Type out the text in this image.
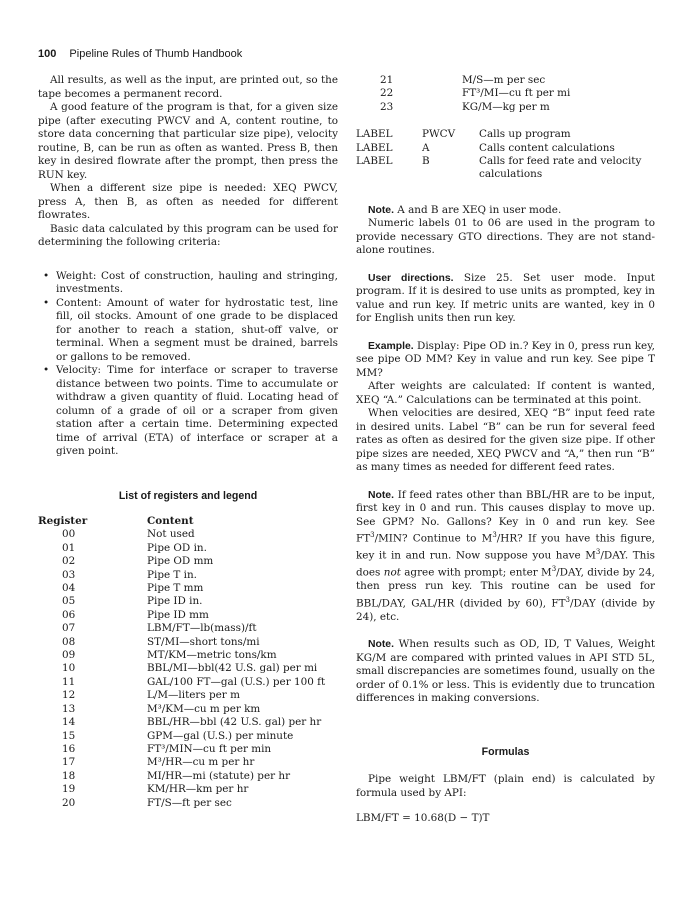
100 Pipeline Rules of Thumb Handbook

All results, as well as the input, are printed out, so the tape becomes a permanent record.

A good feature of the program is that, for a given size pipe (after executing PWCV and A, content routine, to store data concerning that particular size pipe), velocity routine, B, can be run as often as wanted. Press B, then key in desired flowrate after the prompt, then press the RUN key.

When a different size pipe is needed: XEQ PWCV, press A, then B, as often as needed for different flowrates.

Basic data calculated by this program can be used for determining the following criteria:

• Weight: Cost of construction, hauling and stringing, investments.
• Content: Amount of water for hydrostatic test, line fill, oil stocks. Amount of one grade to be displaced for another to reach a station, shut-off valve, or terminal. When a segment must be drained, barrels or gallons to be removed.
• Velocity: Time for interface or scraper to traverse distance between two points. Time to accumulate or withdraw a given quantity of fluid. Locating head of column of a grade of oil or a scraper from given station after a certain time. Determining expected time of arrival (ETA) of interface or scraper at a given point.
List of registers and legend
Register	Content
00	Not used
01	Pipe OD in.
02	Pipe OD mm
03	Pipe T in.
04	Pipe T mm
05	Pipe ID in.
06	Pipe ID mm
07	LBM/FT—lb(mass)/ft
08	ST/MI—short tons/mi
09	MT/KM—metric tons/km
10	BBL/MI—bbl(42 U.S. gal) per mi
11	GAL/100 FT—gal (U.S.) per 100 ft
12	L/M—liters per m
13	M³/KM—cu m per km
14	BBL/HR—bbl (42 U.S. gal) per hr
15	GPM—gal (U.S.) per minute
16	FT³/MIN—cu ft per min
17	M³/HR—cu m per hr
18	MI/HR—mi (statute) per hr
19	KM/HR—km per hr
20	FT/S—ft per sec
21	M/S—m per sec
22	FT³/MI—cu ft per mi
23	KG/M—kg per m
LABEL	PWCV	Calls up program
LABEL	A	Calls content calculations
LABEL	B	Calls for feed rate and velocity calculations

Note. A and B are XEQ in user mode.

Numeric labels 01 to 06 are used in the program to provide necessary GTO directions. They are not stand-alone routines.

User directions. Size 25. Set user mode. Input program. If it is desired to use units as prompted, key in value and run key. If metric units are wanted, key in 0 for English units then run key.

Example. Display: Pipe OD in.? Key in 0, press run key, see pipe OD MM? Key in value and run key. See pipe T MM?

After weights are calculated: If content is wanted, XEQ “A.” Calculations can be terminated at this point.

When velocities are desired, XEQ “B” input feed rate in desired units. Label “B” can be run for several feed rates as often as desired for the given size pipe. If other pipe sizes are needed, XEQ PWCV and “A,” then run “B” as many times as needed for different feed rates.

Note. If feed rates other than BBL/HR are to be input, first key in 0 and run. This causes display to move up. See GPM? No. Gallons? Key in 0 and run key. See $FT^3$/MIN? Continue to $M^3/HR$? If you have this figure, key it in and run. Now suppose you have $M^3$/DAY. This does not agree with prompt; enter $M^3$/DAY, divide by 24, then press run key. This routine can be used for BBL/DAY, GAL/HR (divided by 60), $FT^3$/DAY (divide by 24), etc.

Note. When results such as OD, ID, T Values, Weight KG/M are compared with printed values in API STD 5L, small discrepancies are sometimes found, usually on the order of 0.1% or less. This is evidently due to truncation differences in making conversions.

Formulas

Pipe weight LBM/FT (plain end) is calculated by formula used by API:

LBM/FT = 10.68(D − T)T
